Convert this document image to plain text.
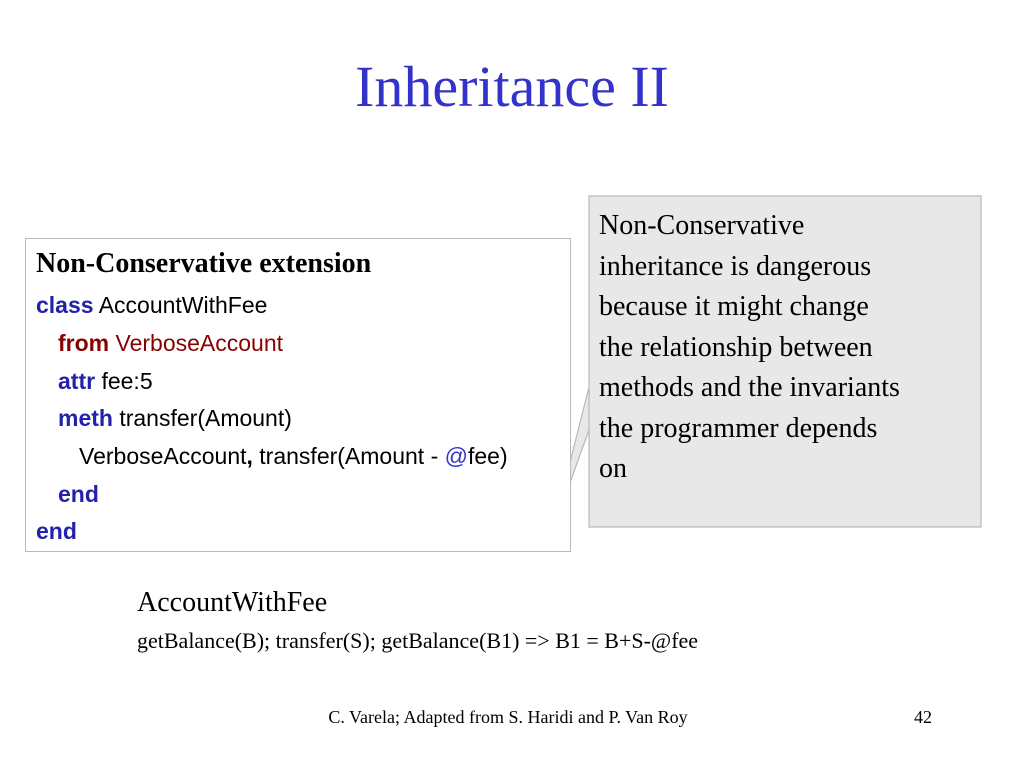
Inheritance II
Non-Conservative extension
class AccountWithFee
from VerboseAccount
attr fee:5
meth transfer(Amount)
VerboseAccount, transfer(Amount - @fee)
end
end
Non-Conservative
inheritance is dangerous
because it might change
the relationship between
methods and the invariants
the programmer depends
on
AccountWithFee
getBalance(B); transfer(S); getBalance(B1) => B1 = B+S-@fee
C. Varela; Adapted from S. Haridi and P. Van Roy	42
